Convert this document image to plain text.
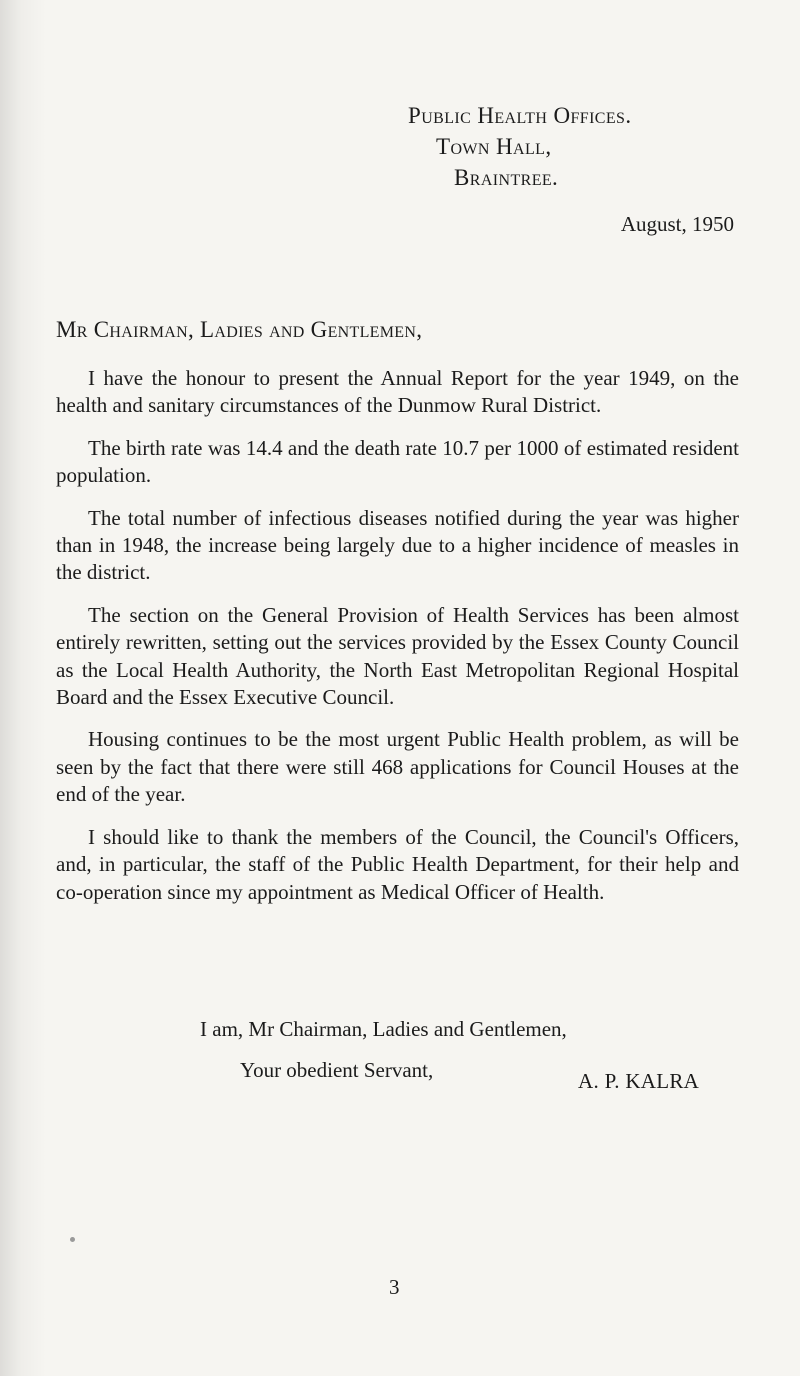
Public Health Offices.
Town Hall,
Braintree.
August, 1950
Mr Chairman, Ladies and Gentlemen,

I have the honour to present the Annual Report for the year 1949, on the health and sanitary circumstances of the Dunmow Rural District.

The birth rate was 14.4 and the death rate 10.7 per 1000 of estimated resident population.

The total number of infectious diseases notified during the year was higher than in 1948, the increase being largely due to a higher incidence of measles in the district.

The section on the General Provision of Health Services has been almost entirely rewritten, setting out the services provided by the Essex County Council as the Local Health Authority, the North East Metropolitan Regional Hospital Board and the Essex Executive Council.

Housing continues to be the most urgent Public Health problem, as will be seen by the fact that there were still 468 applications for Council Houses at the end of the year.

I should like to thank the members of the Council, the Council's Officers, and, in particular, the staff of the Public Health Department, for their help and co-operation since my appointment as Medical Officer of Health.

I am, Mr Chairman, Ladies and Gentlemen,
Your obedient Servant,	A. P. KALRA
3
